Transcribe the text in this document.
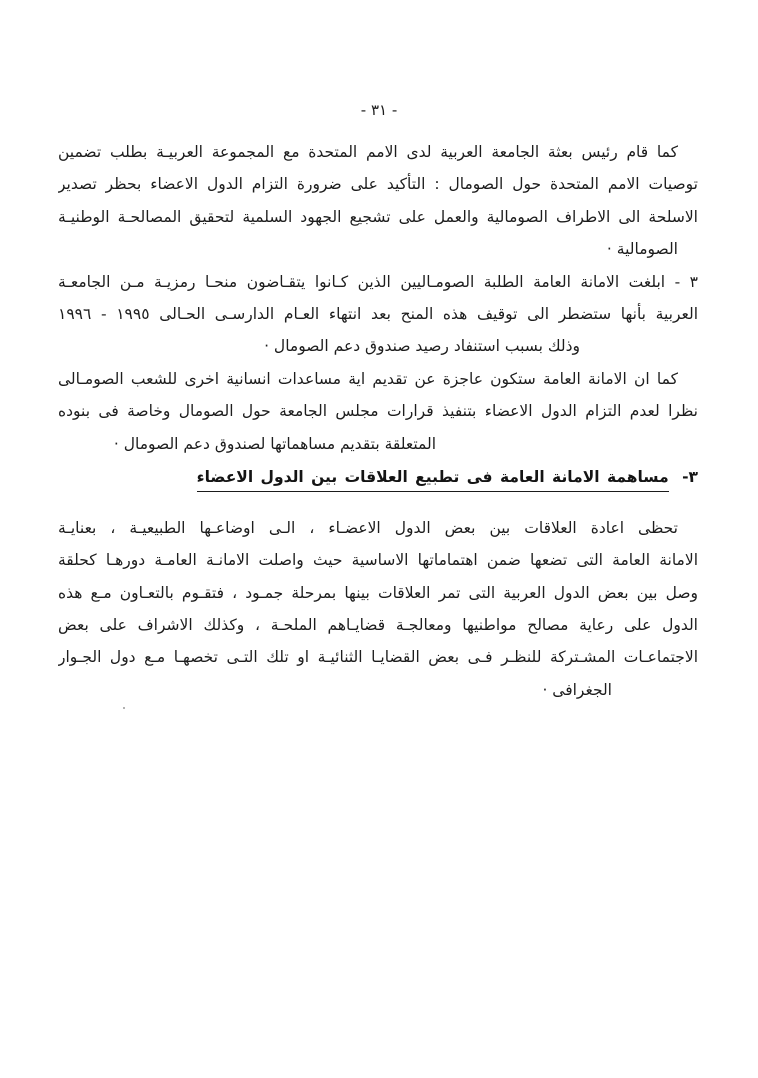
- ٣١ -
كما قام رئيس بعثة الجامعة العربية لدى الامم المتحدة مع المجموعة العربيـة بطلب تضمين
توصيات الامم المتحدة حول الصومال : التأكيد على ضرورة التزام الدول الاعضاء بحظر تصدير
الاسلحة الى الاطراف الصومالية والعمل على تشجيع الجهود السلمية لتحقيق المصالحـة الوطنيـة
الصومالية ·
٣ - ابلغت الامانة العامة الطلبة الصومـاليين الذين كـانوا يتقـاضون منحـا رمزيـة مـن الجامعـة
العربية بأنها ستضطر الى توقيف هذه المنح بعد انتهاء العـام الدارسـى الحـالى ١٩٩٥ - ١٩٩٦
وذلك بسبب استنفاد رصيد صندوق دعم الصومال ·
كما ان الامانة العامة ستكون عاجزة عن تقديم اية مساعدات انسانية اخرى للشعب الصومـالى
نظرا لعدم التزام الدول الاعضاء بتنفيذ قرارات مجلس الجامعة حول الصومال وخاصة فى بنوده
المتعلقة بتقديم مساهماتها لصندوق دعم الصومال ·
٣- مساهمة الامانة العامة فى تطبيع العلاقات بين الدول الاعضاء
تحظى اعادة العلاقات بين بعض الدول الاعضـاء ، الـى اوضاعـها الطبيعيـة ، بعنايـة
الامانة العامة التى تضعها ضمن اهتماماتها الاساسية حيث واصلت الامانـة العامـة دورهـا كحلقة
وصل بين بعض الدول العربية التى تمر العلاقات بينها بمرحلة جمـود ، فتقـوم بالتعـاون مـع هذه
الدول على رعاية مصالح مواطنيها ومعالجـة قضايـاهم الملحـة ، وكذلك الاشراف على بعض
الاجتماعـات المشـتركة للنظـر فـى بعض القضايـا الثنائيـة او تلك التـى تخصهـا مـع دول الجـوار
الجغرافى ·
